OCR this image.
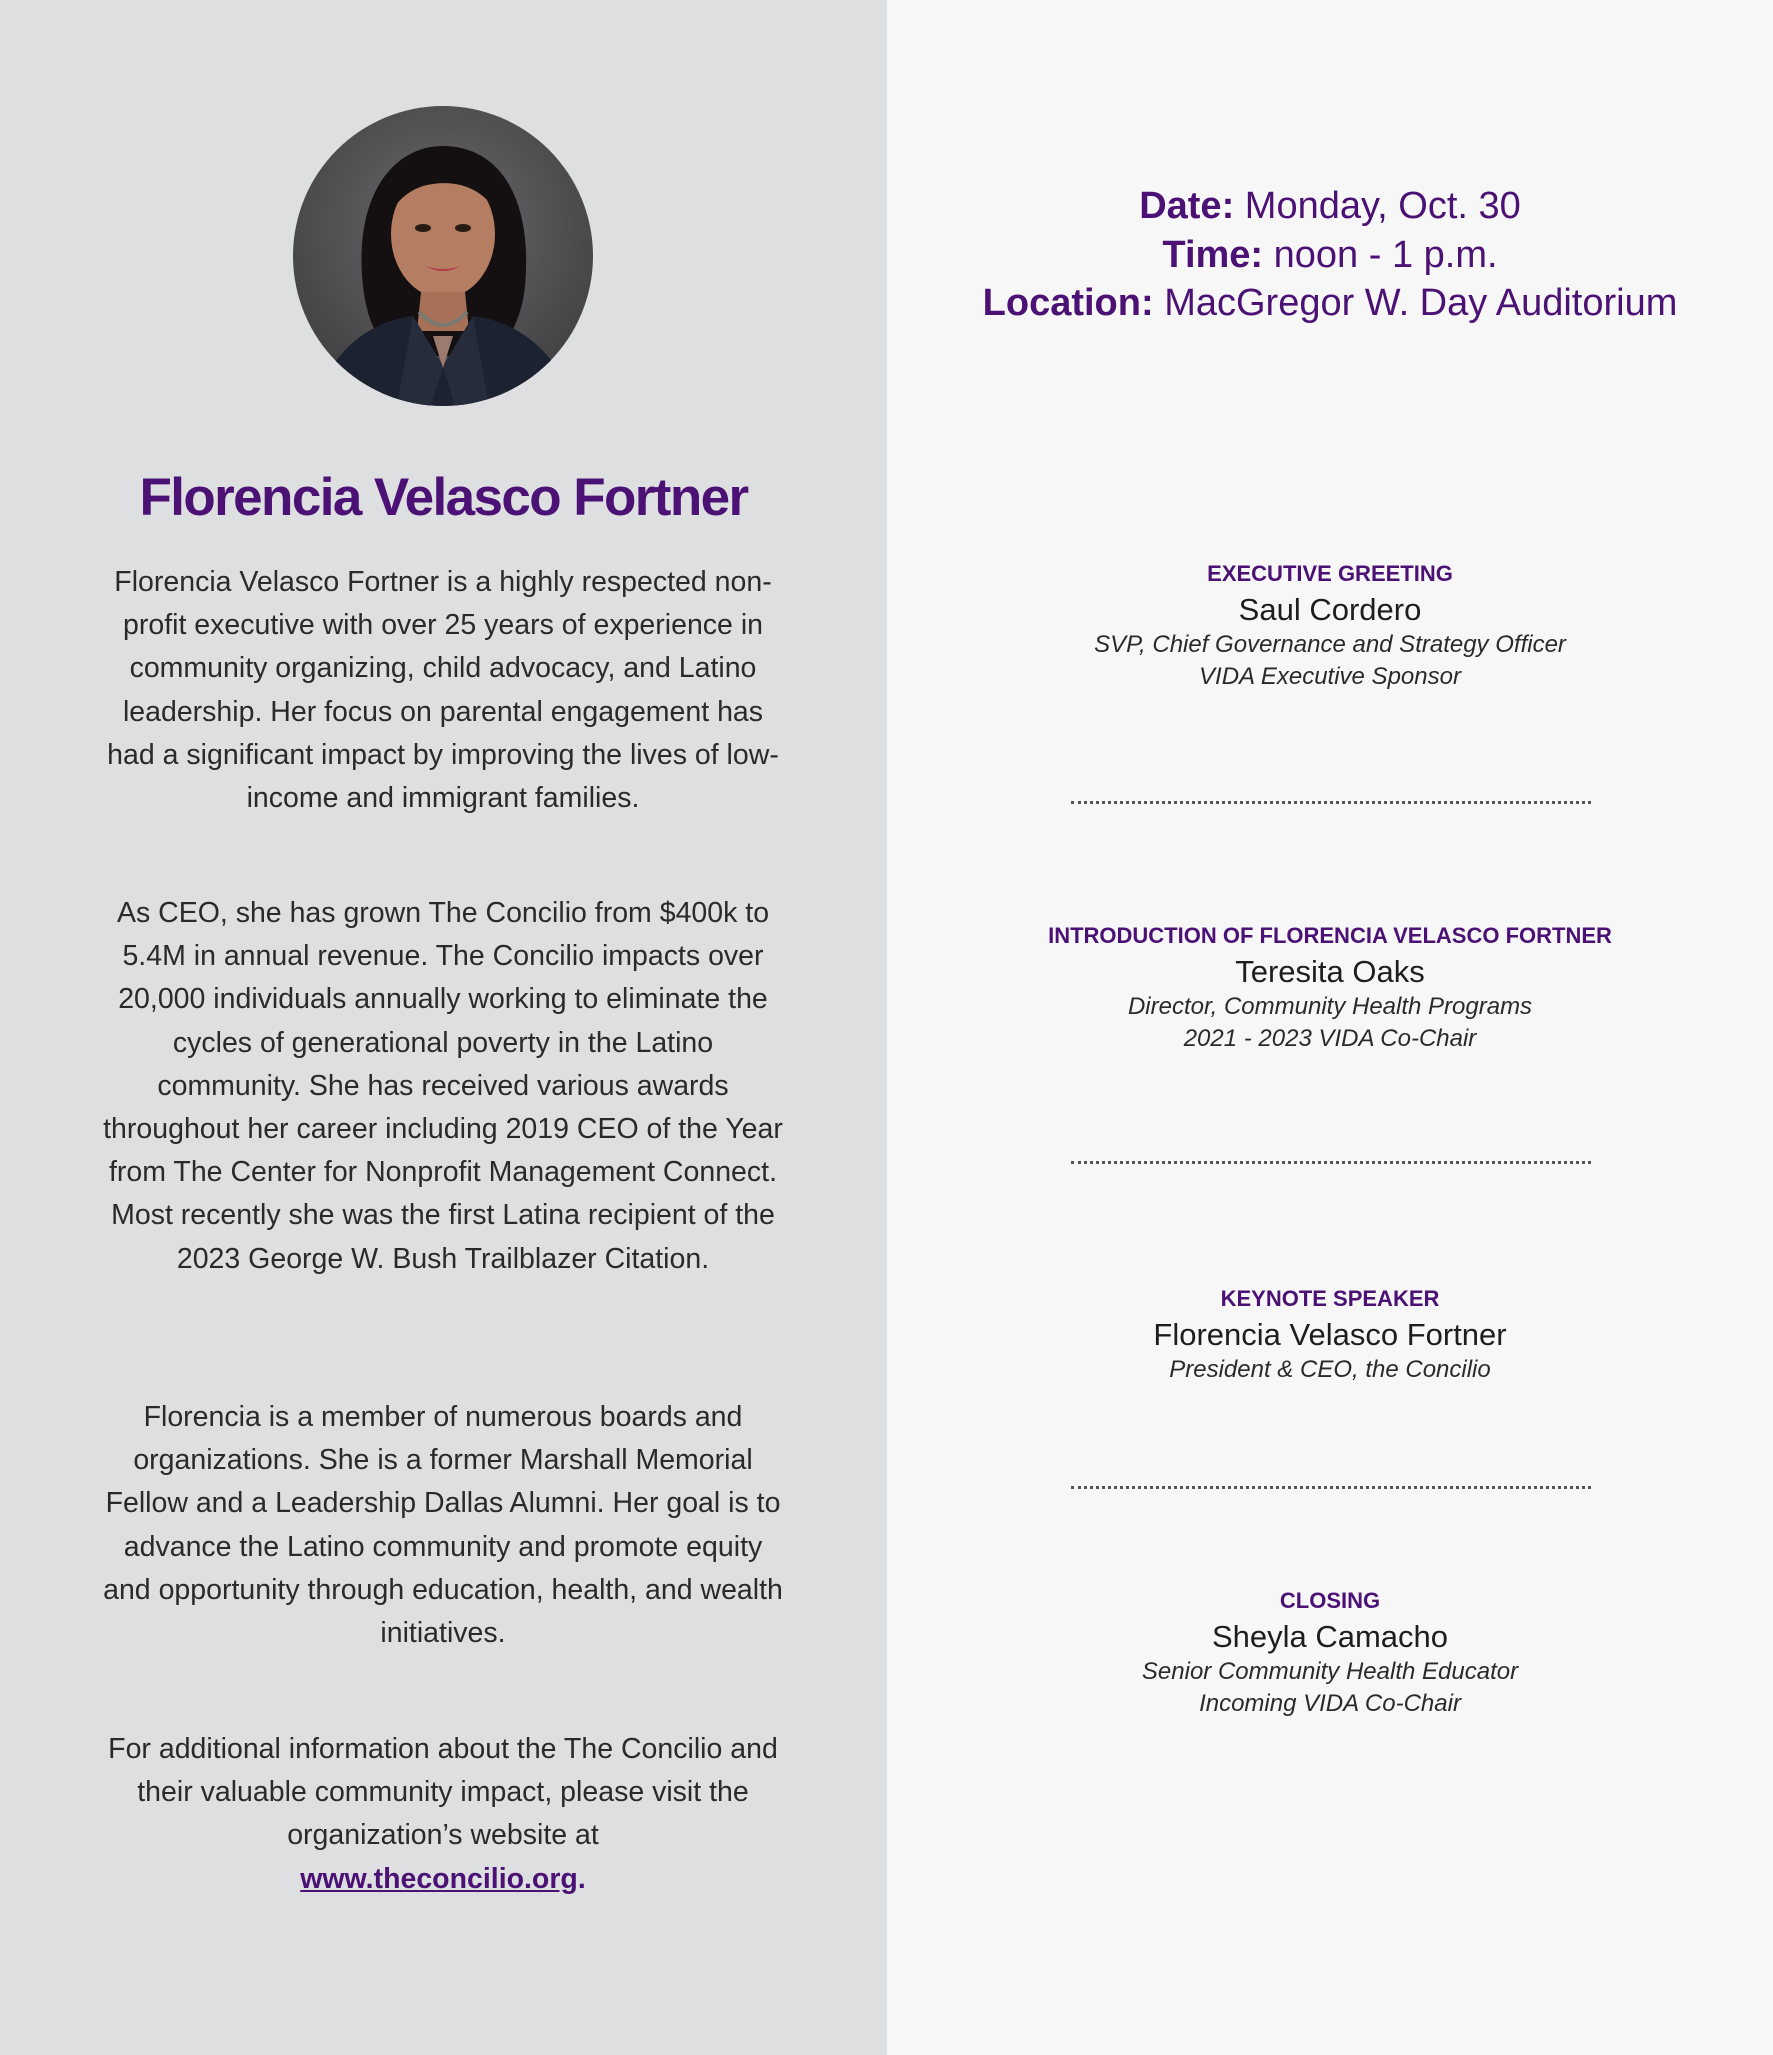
Florencia Velasco Fortner

Florencia Velasco Fortner is a highly respected non-profit executive with over 25 years of experience in community organizing, child advocacy, and Latino leadership. Her focus on parental engagement has had a significant impact by improving the lives of low-income and immigrant families.

As CEO, she has grown The Concilio from $400k to 5.4M in annual revenue. The Concilio impacts over 20,000 individuals annually working to eliminate the cycles of generational poverty in the Latino community. She has received various awards throughout her career including 2019 CEO of the Year from The Center for Nonprofit Management Connect. Most recently she was the first Latina recipient of the 2023 George W. Bush Trailblazer Citation.

Florencia is a member of numerous boards and organizations. She is a former Marshall Memorial Fellow and a Leadership Dallas Alumni. Her goal is to advance the Latino community and promote equity and opportunity through education, health, and wealth initiatives.

For additional information about the The Concilio and their valuable community impact, please visit the organization’s website at
www.theconcilio.org.

Date: Monday, Oct. 30
Time: noon - 1 p.m.
Location: MacGregor W. Day Auditorium
EXECUTIVE GREETING
Saul Cordero
SVP, Chief Governance and Strategy Officer
VIDA Executive Sponsor
INTRODUCTION OF FLORENCIA VELASCO FORTNER
Teresita Oaks
Director, Community Health Programs
2021 - 2023 VIDA Co-Chair
KEYNOTE SPEAKER
Florencia Velasco Fortner
President & CEO, the Concilio
CLOSING
Sheyla Camacho
Senior Community Health Educator
Incoming VIDA Co-Chair
